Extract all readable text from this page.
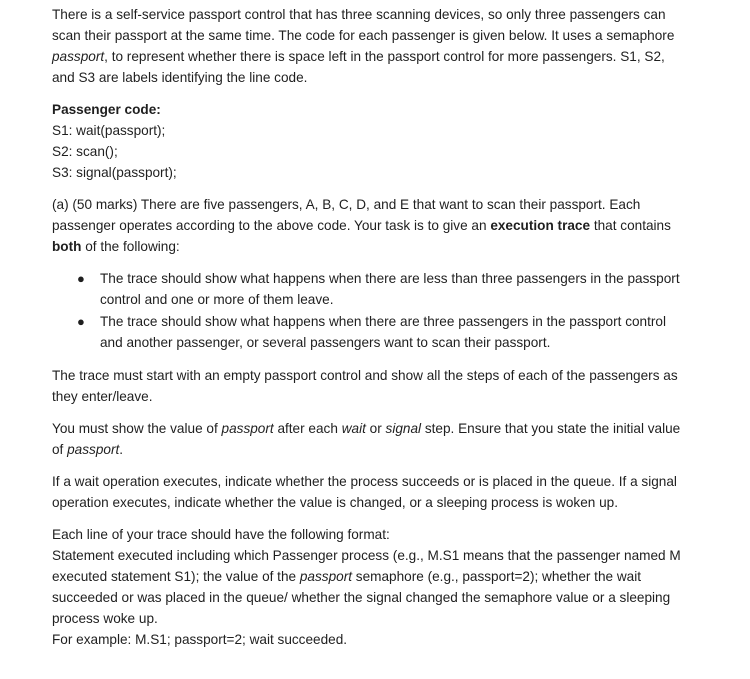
There is a self-service passport control that has three scanning devices, so only three passengers can scan their passport at the same time. The code for each passenger is given below. It uses a semaphore passport, to represent whether there is space left in the passport control for more passengers. S1, S2, and S3 are labels identifying the line code.

Passenger code:
S1: wait(passport);
S2: scan();
S3: signal(passport);

(a) (50 marks) There are five passengers, A, B, C, D, and E that want to scan their passport. Each passenger operates according to the above code. Your task is to give an execution trace that contains both of the following:

● The trace should show what happens when there are less than three passengers in the passport control and one or more of them leave.
● The trace should show what happens when there are three passengers in the passport control and another passenger, or several passengers want to scan their passport.

The trace must start with an empty passport control and show all the steps of each of the passengers as they enter/leave.

You must show the value of passport after each wait or signal step. Ensure that you state the initial value of passport.

If a wait operation executes, indicate whether the process succeeds or is placed in the queue. If a signal operation executes, indicate whether the value is changed, or a sleeping process is woken up.

Each line of your trace should have the following format:
Statement executed including which Passenger process (e.g., M.S1 means that the passenger named M executed statement S1); the value of the passport semaphore (e.g., passport=2); whether the wait succeeded or was placed in the queue/ whether the signal changed the semaphore value or a sleeping process woke up.
For example: M.S1; passport=2; wait succeeded.
